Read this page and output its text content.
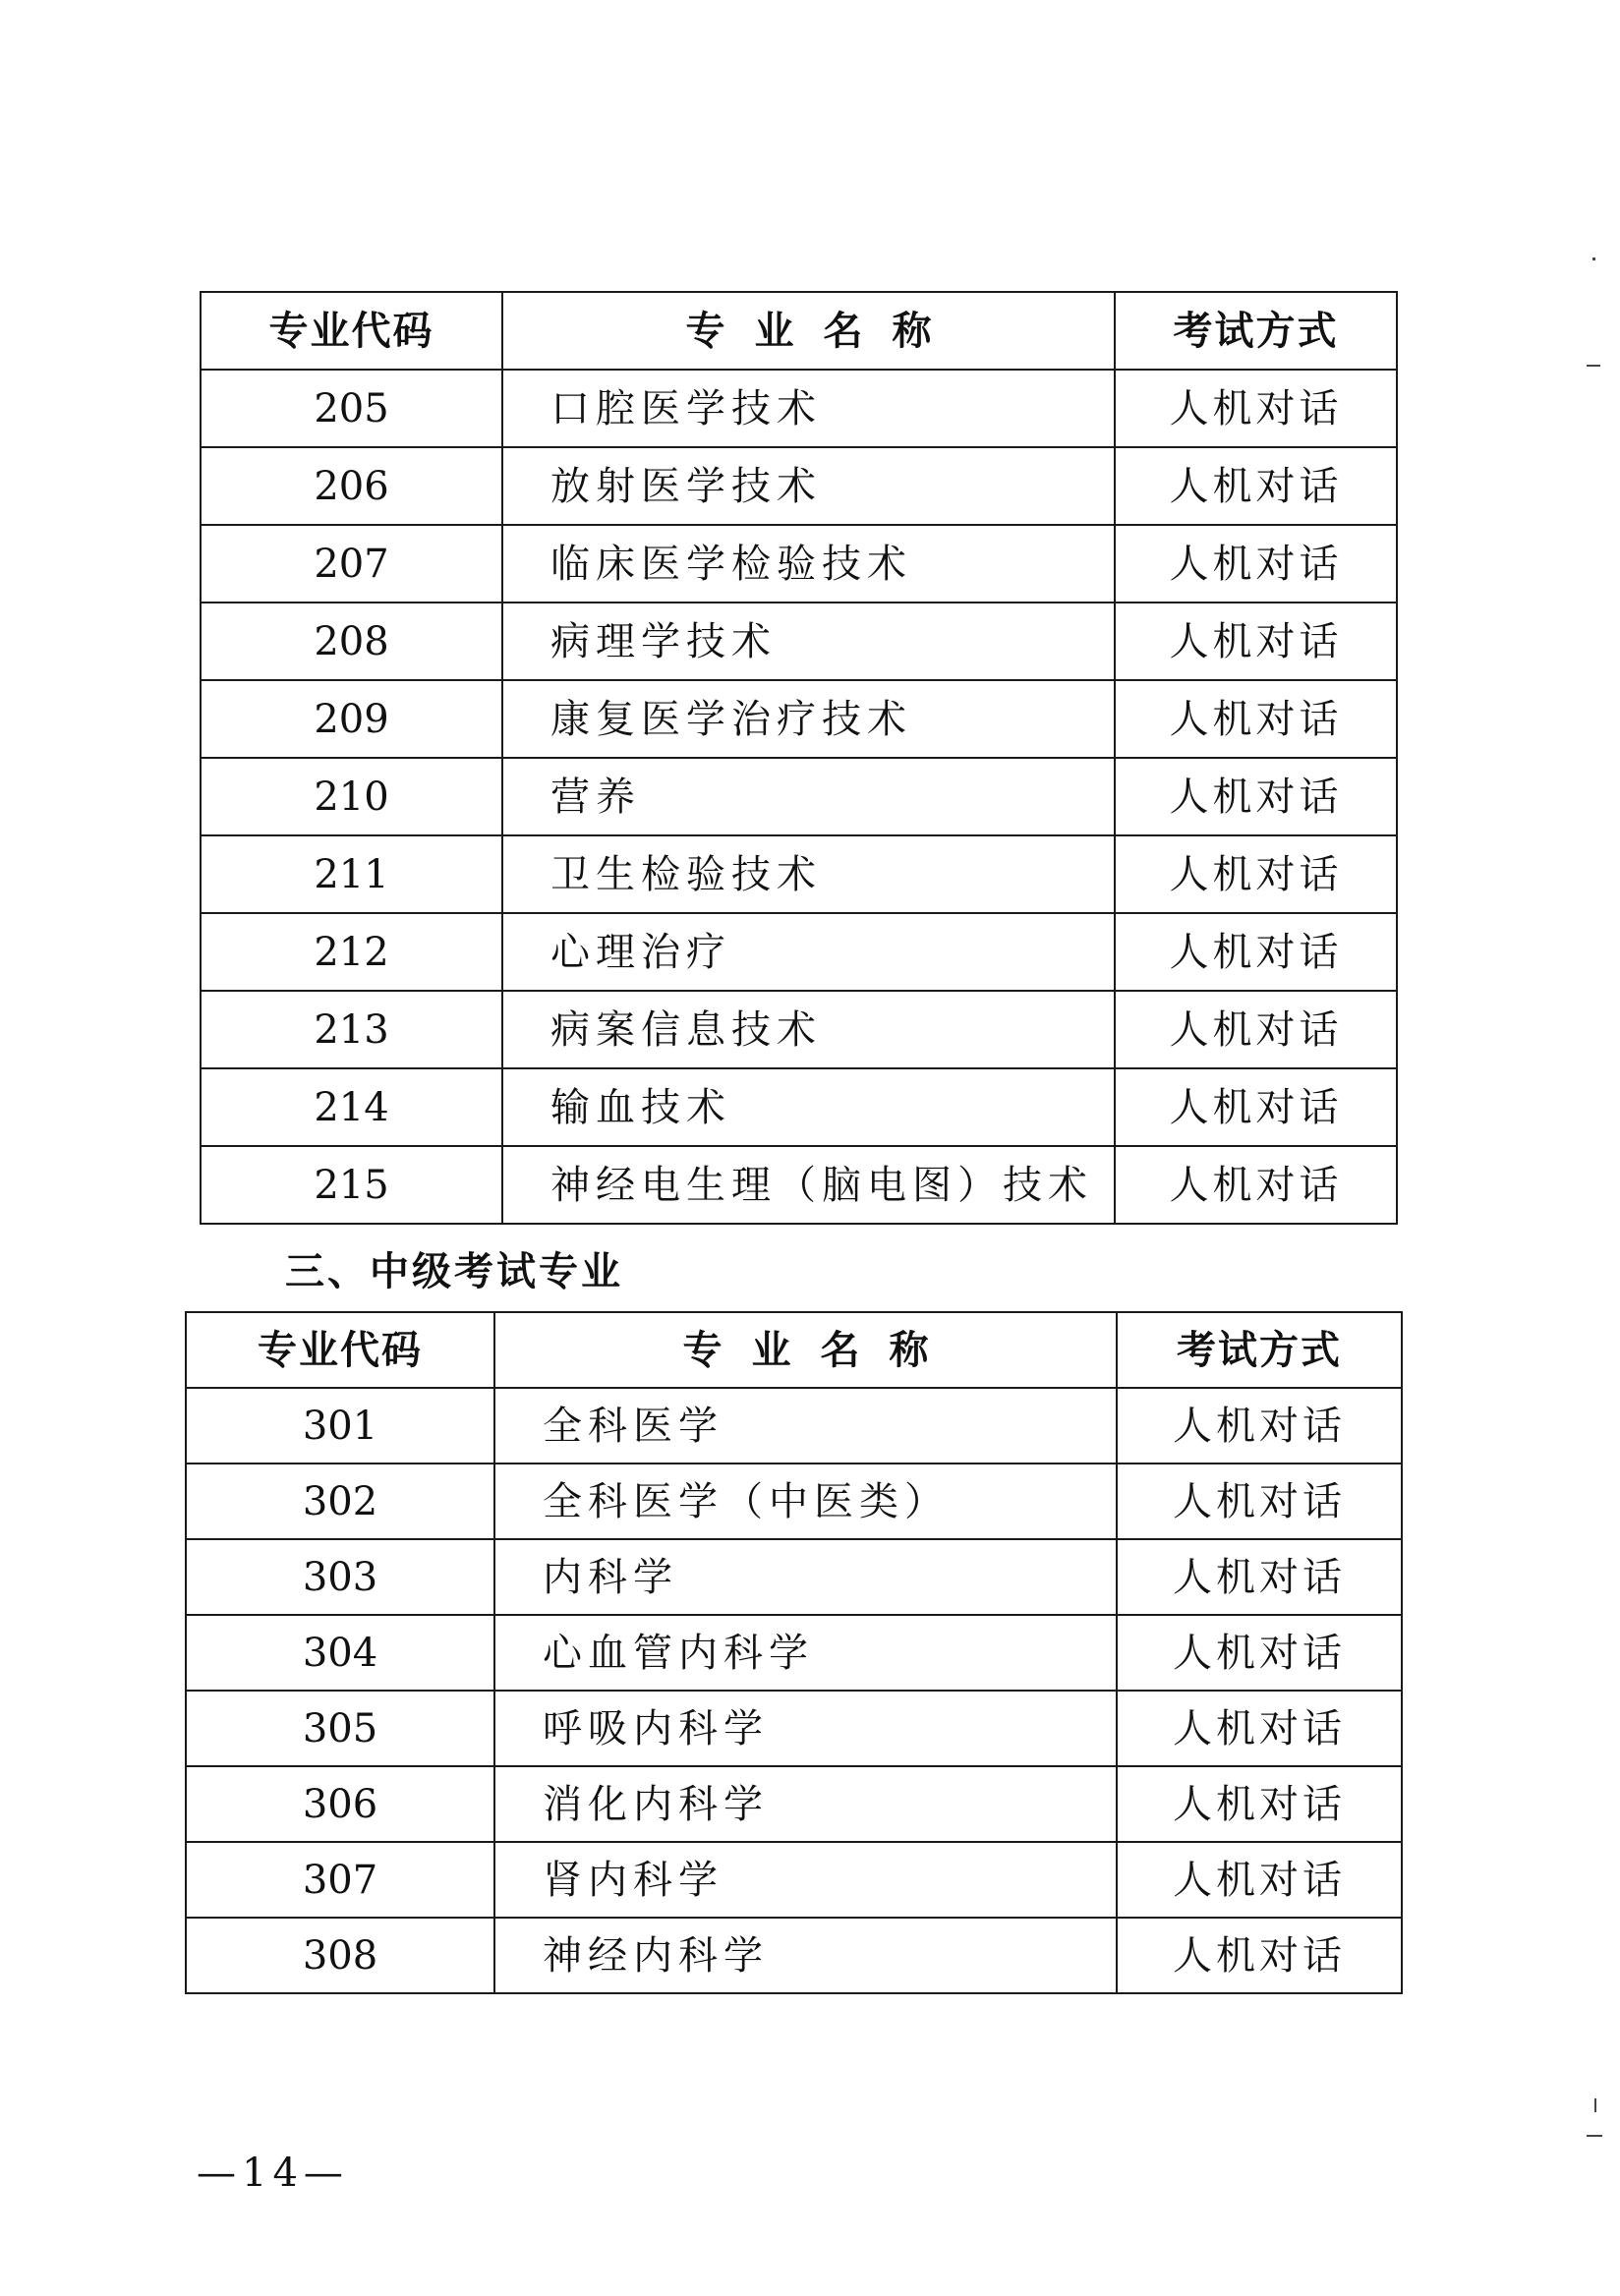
专业代码	专业名称	考试方式
205	口腔医学技术	人机对话
206	放射医学技术	人机对话
207	临床医学检验技术	人机对话
208	病理学技术	人机对话
209	康复医学治疗技术	人机对话
210	营养	人机对话
211	卫生检验技术	人机对话
212	心理治疗	人机对话
213	病案信息技术	人机对话
214	输血技术	人机对话
215	神经电生理（脑电图）技术	人机对话
三、中级考试专业
专业代码	专业名称	考试方式
301	全科医学	人机对话
302	全科医学（中医类）	人机对话
303	内科学	人机对话
304	心血管内科学	人机对话
305	呼吸内科学	人机对话
306	消化内科学	人机对话
307	肾内科学	人机对话
308	神经内科学	人机对话
—14—
